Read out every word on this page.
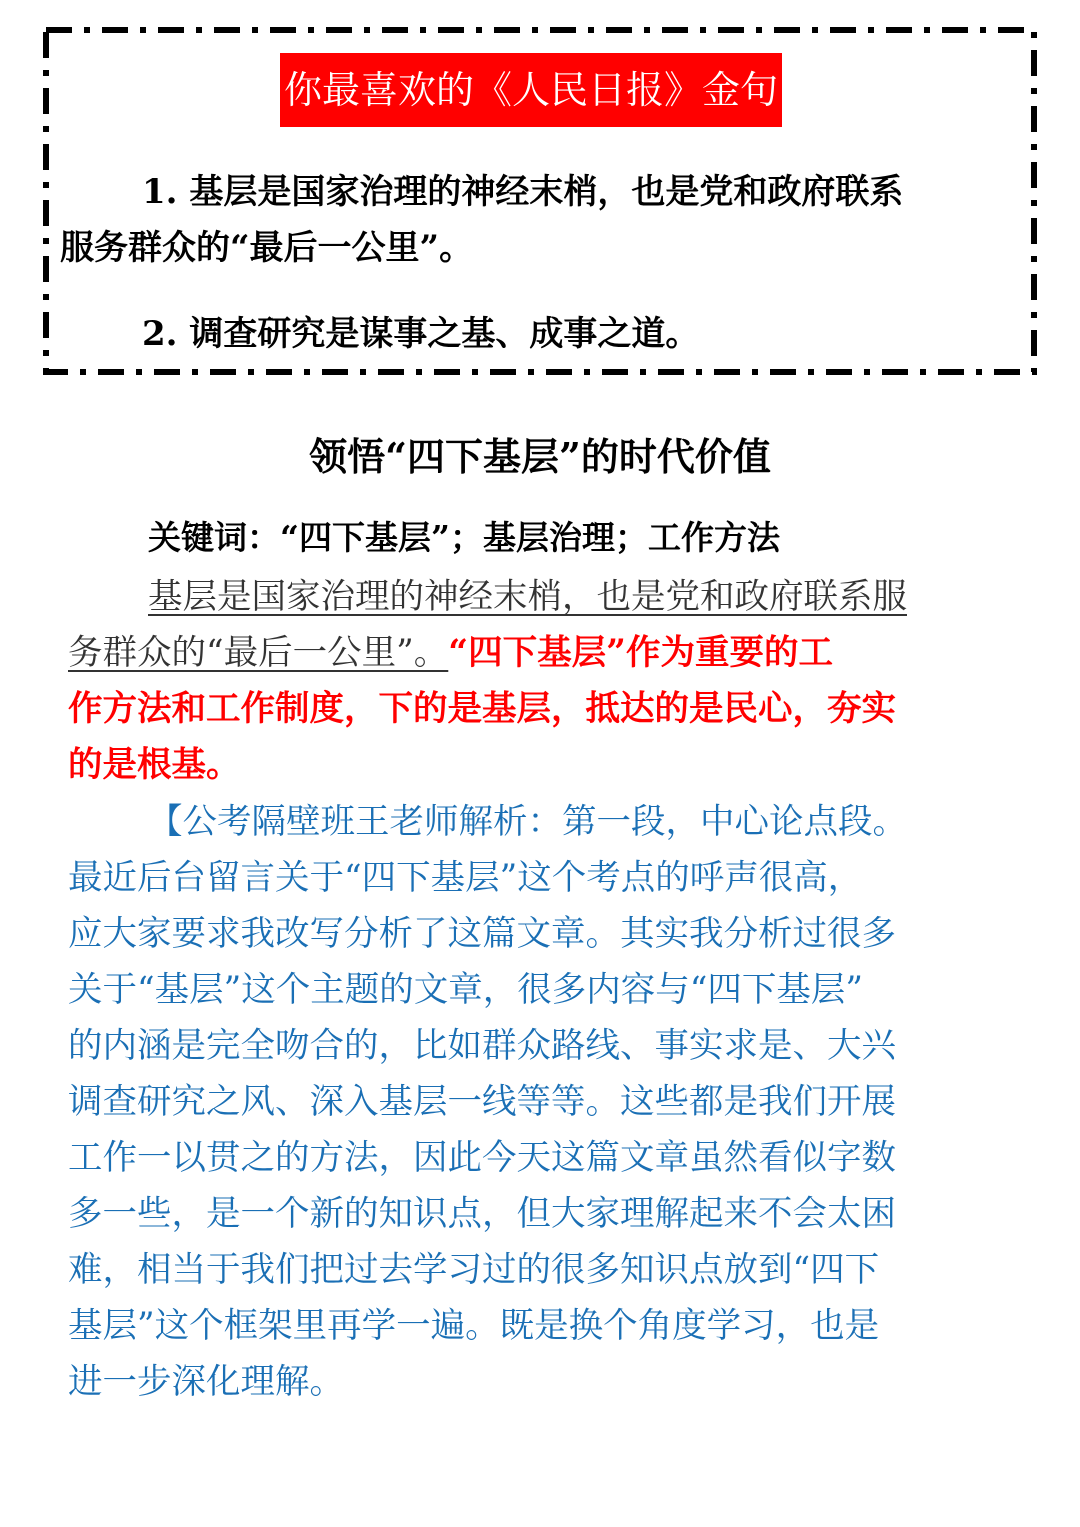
你最喜欢的《人民日报》金句
1. 基层是国家治理的神经末梢，也是党和政府联系
服务群众的“最后一公里”。
2. 调查研究是谋事之基、成事之道。
领悟“四下基层”的时代价值
关键词：“四下基层”；基层治理；工作方法
基层是国家治理的神经末梢，也是党和政府联系服
务群众的“最后一公里”。“四下基层”作为重要的工
作方法和工作制度，下的是基层，抵达的是民心，夯实
的是根基。
【公考隔壁班王老师解析：第一段，中心论点段。
最近后台留言关于“四下基层”这个考点的呼声很高，
应大家要求我改写分析了这篇文章。其实我分析过很多
关于“基层”这个主题的文章，很多内容与“四下基层”
的内涵是完全吻合的，比如群众路线、事实求是、大兴
调查研究之风、深入基层一线等等。这些都是我们开展
工作一以贯之的方法，因此今天这篇文章虽然看似字数
多一些，是一个新的知识点，但大家理解起来不会太困
难，相当于我们把过去学习过的很多知识点放到“四下
基层”这个框架里再学一遍。既是换个角度学习，也是
进一步深化理解。
